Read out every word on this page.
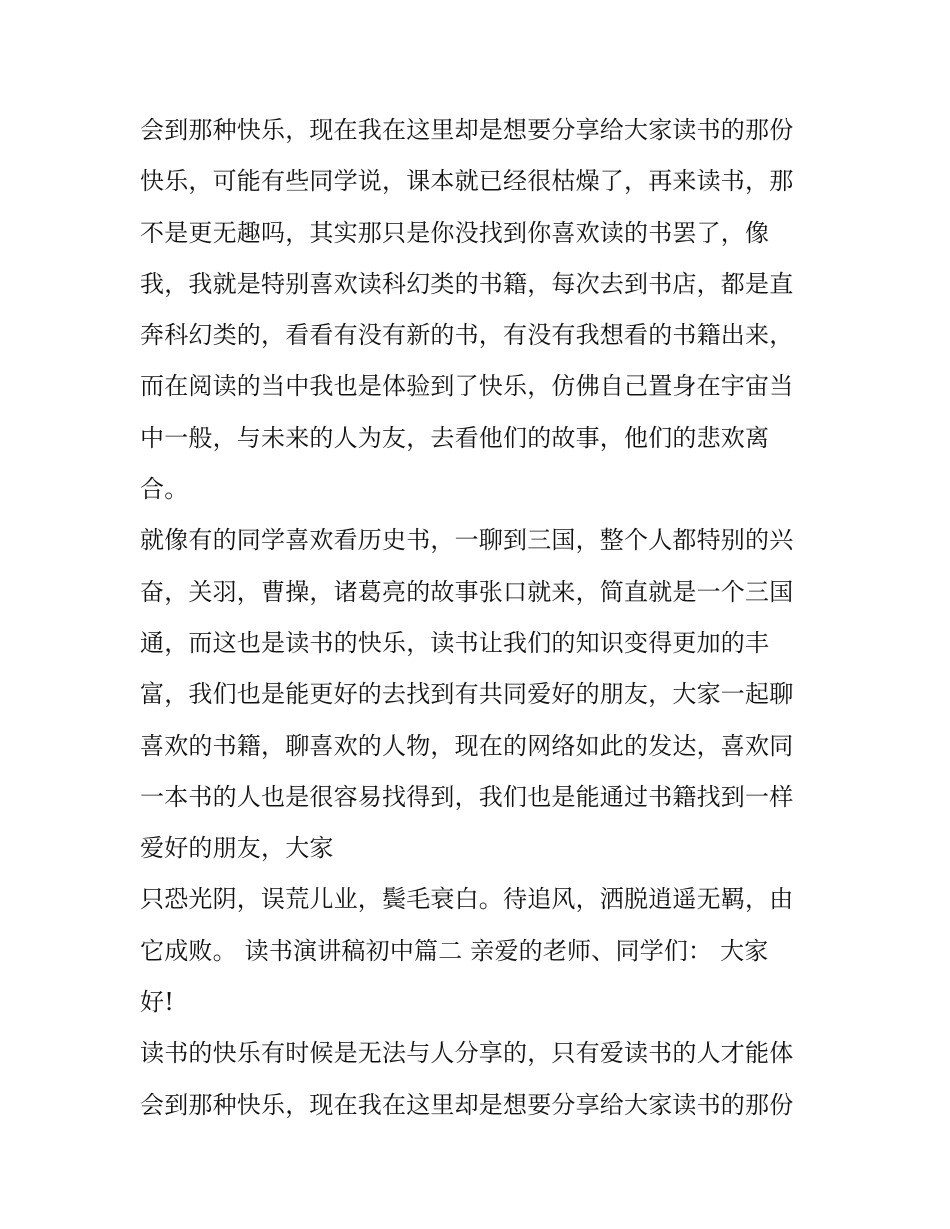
会到那种快乐，现在我在这里却是想要分享给大家读书的那份
快乐，可能有些同学说，课本就已经很枯燥了，再来读书，那
不是更无趣吗，其实那只是你没找到你喜欢读的书罢了，像
我，我就是特别喜欢读科幻类的书籍，每次去到书店，都是直
奔科幻类的，看看有没有新的书，有没有我想看的书籍出来，
而在阅读的当中我也是体验到了快乐，仿佛自己置身在宇宙当
中一般，与未来的人为友，去看他们的故事，他们的悲欢离
合。
就像有的同学喜欢看历史书，一聊到三国，整个人都特别的兴
奋，关羽，曹操，诸葛亮的故事张口就来，简直就是一个三国
通，而这也是读书的快乐，读书让我们的知识变得更加的丰
富，我们也是能更好的去找到有共同爱好的朋友，大家一起聊
喜欢的书籍，聊喜欢的人物，现在的网络如此的发达，喜欢同
一本书的人也是很容易找得到，我们也是能通过书籍找到一样
爱好的朋友，大家
只恐光阴，误荒儿业，鬓毛衰白。待追风，洒脱逍遥无羁，由
它成败。 读书演讲稿初中篇二 亲爱的老师、同学们： 大家
好!
读书的快乐有时候是无法与人分享的，只有爱读书的人才能体
会到那种快乐，现在我在这里却是想要分享给大家读书的那份
